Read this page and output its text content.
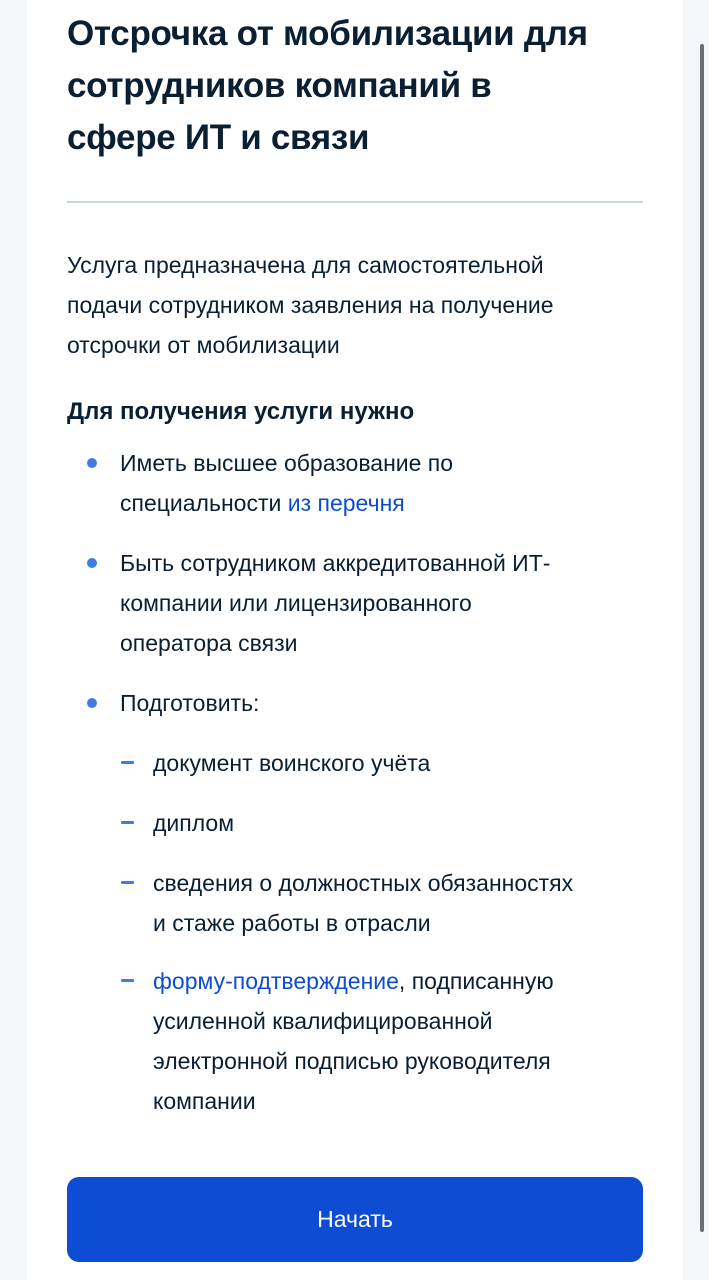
Отсрочка от мобилизации для
сотрудников компаний в
сфере ИТ и связи
Услуга предназначена для самостоятельной
подачи сотрудником заявления на получение
отсрочки от мобилизации
Для получения услуги нужно
Иметь высшее образование по
специальности из перечня
Быть сотрудником аккредитованной ИТ-
компании или лицензированного
оператора связи
Подготовить:
документ воинского учёта
диплом
сведения о должностных обязанностях
и стаже работы в отрасли
форму-подтверждение, подписанную
усиленной квалифицированной
электронной подписью руководителя
компании
Начать
